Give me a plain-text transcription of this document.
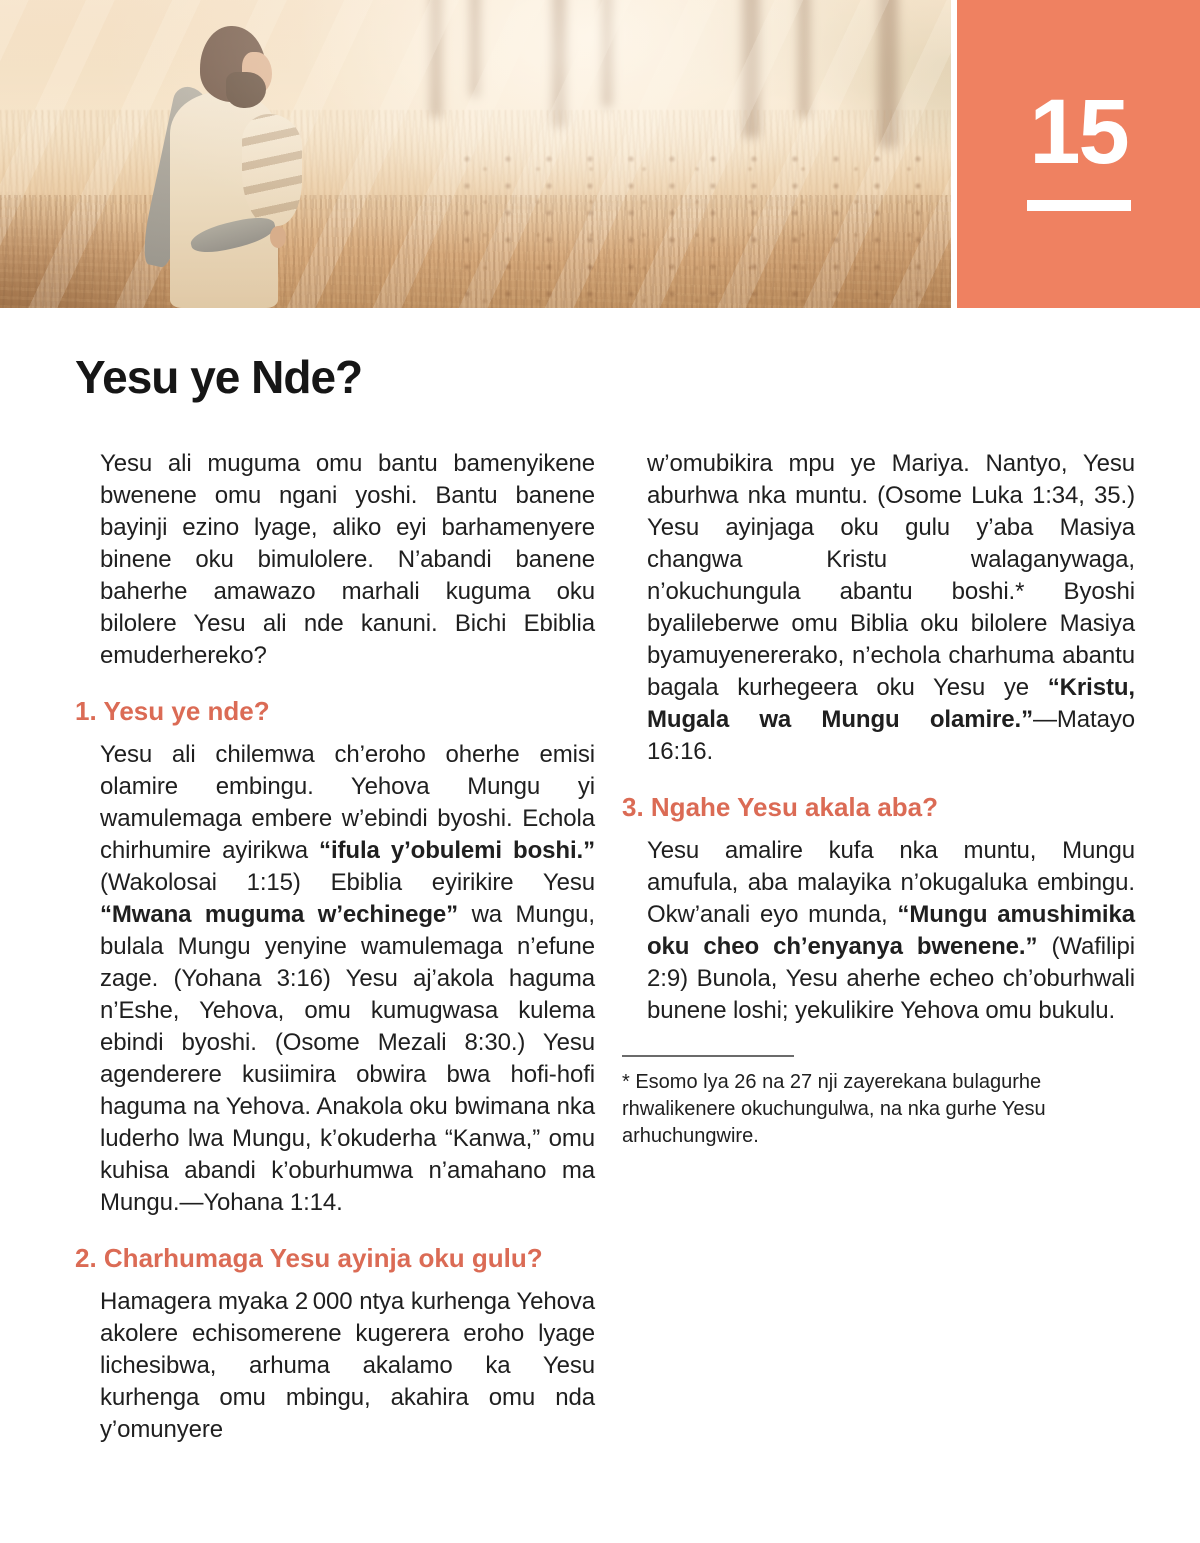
15
Yesu ye Nde?

Yesu ali muguma omu bantu bamenyikene bwenene omu ngani yoshi. Bantu banene bayinji ezino lyage, aliko eyi barhamenyere binene oku bimulolere. N’abandi banene baherhe amawazo marhali kuguma oku bilolere Yesu ali nde kanuni. Bichi Ebiblia emuderhereko?

1. Yesu ye nde?

Yesu ali chilemwa ch’eroho oherhe emisi olamire embingu. Yehova Mungu yi wamulemaga embere w’ebindi byoshi. Echola chirhumire ayirikwa “ifula y’obulemi boshi.” (Wakolosai 1:15) Ebiblia eyirikire Yesu “Mwana muguma w’echinege” wa Mungu, bulala Mungu yenyine wamulemaga n’efune zage. (Yohana 3:16) Yesu aj’akola haguma n’Eshe, Yehova, omu kumugwasa kulema ebindi byoshi. (Osome Mezali 8:30.) Yesu agenderere kusiimira obwira bwa hofi-hofi haguma na Yehova. Anakola oku bwimana nka luderho lwa Mungu, k’okuderha “Kanwa,” omu kuhisa abandi k’oburhumwa n’amahano ma Mungu.—Yohana 1:14.

2. Charhumaga Yesu ayinja oku gulu?

Hamagera myaka 2 000 ntya kurhenga Yehova akolere echisomerene kugerera eroho lyage lichesibwa, arhuma akalamo ka Yesu kurhenga omu mbingu, akahira omu nda y’omunyere

w’omubikira mpu ye Mariya. Nantyo, Yesu aburhwa nka muntu. (Osome Luka 1:34, 35.) Yesu ayinjaga oku gulu y’aba Masiya changwa Kristu walaganywaga, n’okuchungula abantu boshi.* Byoshi byalileberwe omu Biblia oku bilolere Masiya byamuyenererako, n’echola charhuma abantu bagala kurhegeera oku Yesu ye “Kristu, Mugala wa Mungu olamire.”—Matayo 16:16.

3. Ngahe Yesu akala aba?

Yesu amalire kufa nka muntu, Mungu amufula, aba malayika n’okugaluka embingu. Okw’anali eyo munda, “Mungu amushimika oku cheo ch’enyanya bwenene.” (Wafilipi 2:9) Bunola, Yesu aherhe echeo ch’oburhwali bunene loshi; yekulikire Yehova omu bukulu.

* Esomo lya 26 na 27 nji zayerekana bulagurhe rhwalikenere okuchungulwa, na nka gurhe Yesu arhuchungwire.
